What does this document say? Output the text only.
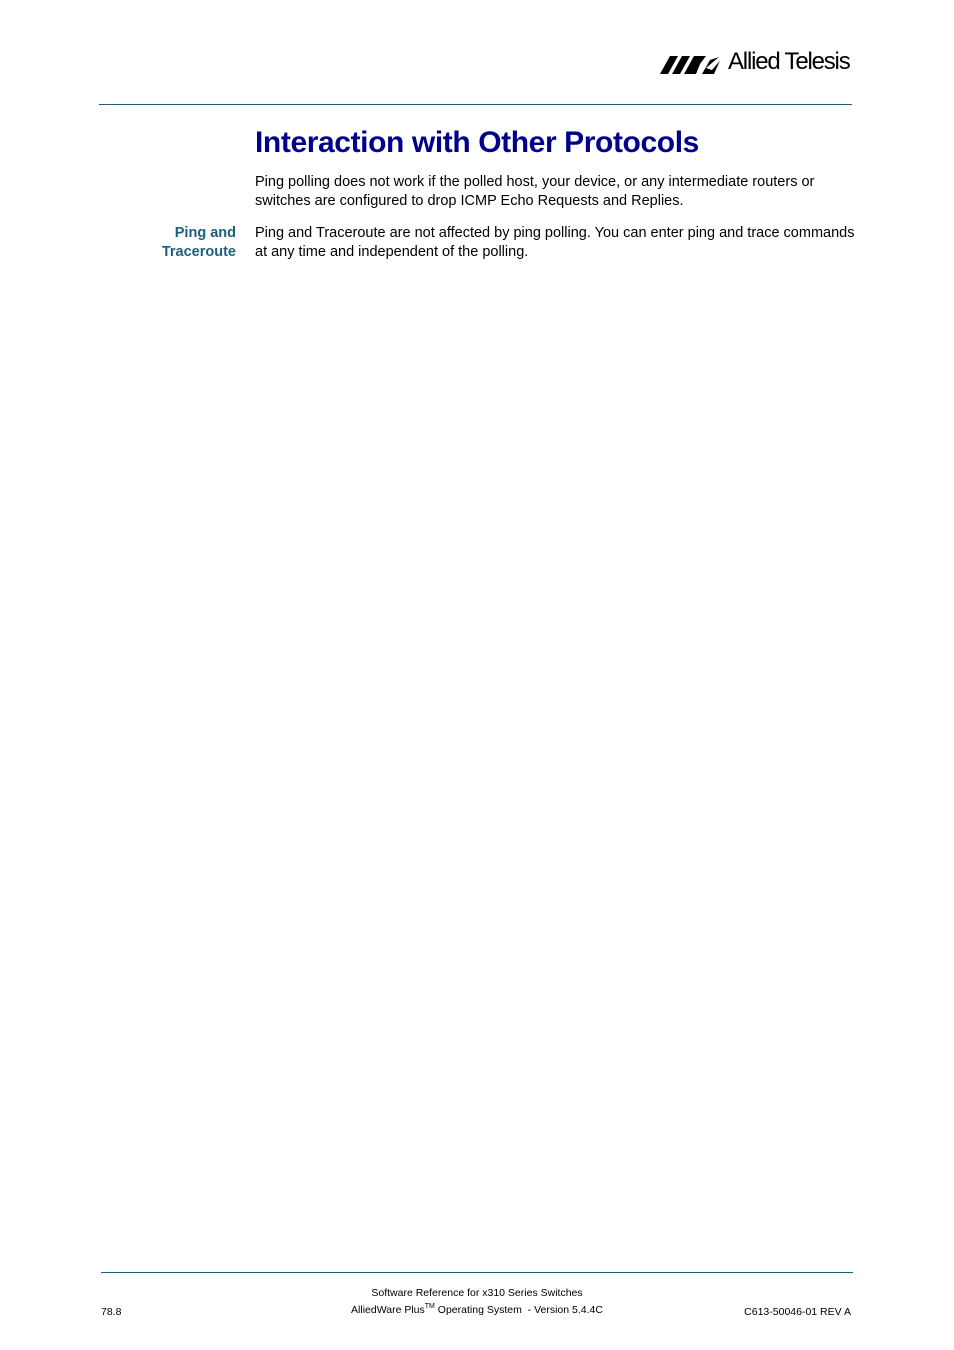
Allied Telesis
Interaction with Other Protocols

Ping polling does not work if the polled host, your device, or any intermediate routers or switches are configured to drop ICMP Echo Requests and Replies.

Ping and
Traceroute

Ping and Traceroute are not affected by ping polling. You can enter ping and trace commands at any time and independent of the polling.

Software Reference for x310 Series Switches
78.8	AlliedWare Plus™ Operating System  - Version 5.4.4C	C613-50046-01 REV A
